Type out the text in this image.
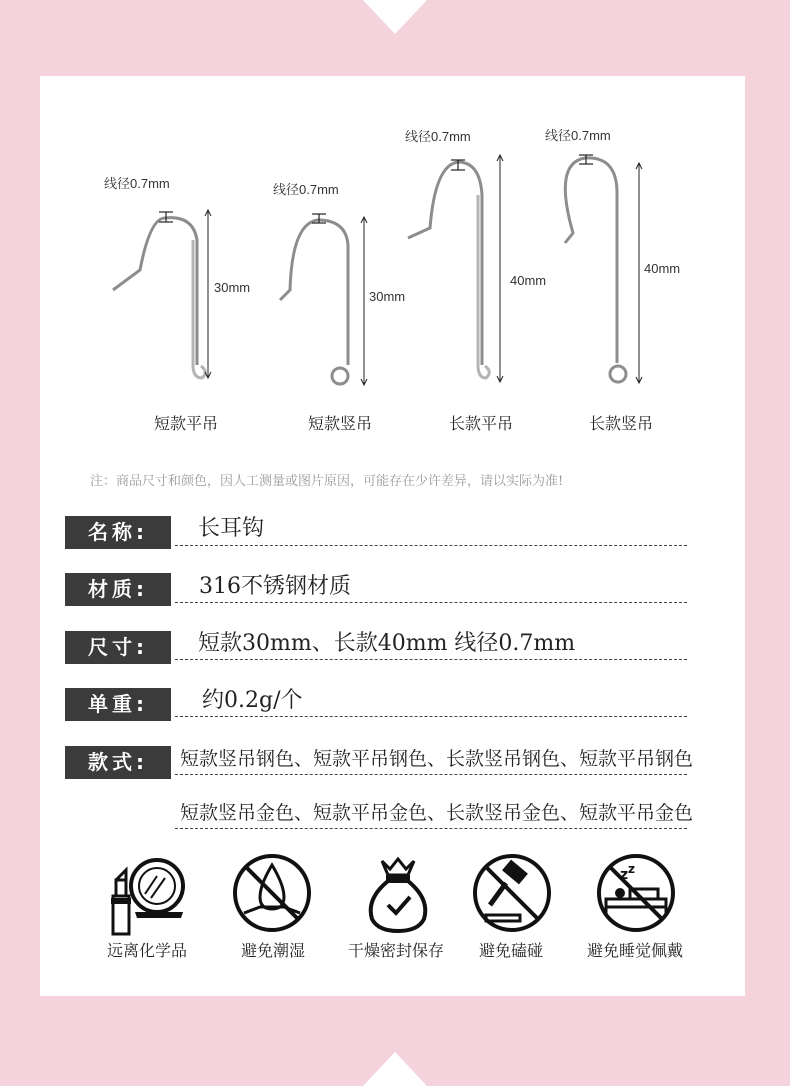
线径0.7mm
30mm
短款平吊
线径0.7mm
30mm
短款竖吊
线径0.7mm
40mm
长款平吊
线径0.7mm
40mm
长款竖吊
注：商品尺寸和颜色，因人工测量或图片原因，可能存在少许差异，请以实际为准!
名称:	长耳钩
材质:	316不锈钢材质
尺寸:	短款30mm、长款40mm 线径0.7mm
单重:	约0.2g/个
款式:	短款竖吊钢色、短款平吊钢色、长款竖吊钢色、短款平吊钢色
短款竖吊金色、短款平吊金色、长款竖吊金色、短款平吊金色
远离化学品	避免潮湿	干燥密封保存	避免磕碰
z z
避免睡觉佩戴
